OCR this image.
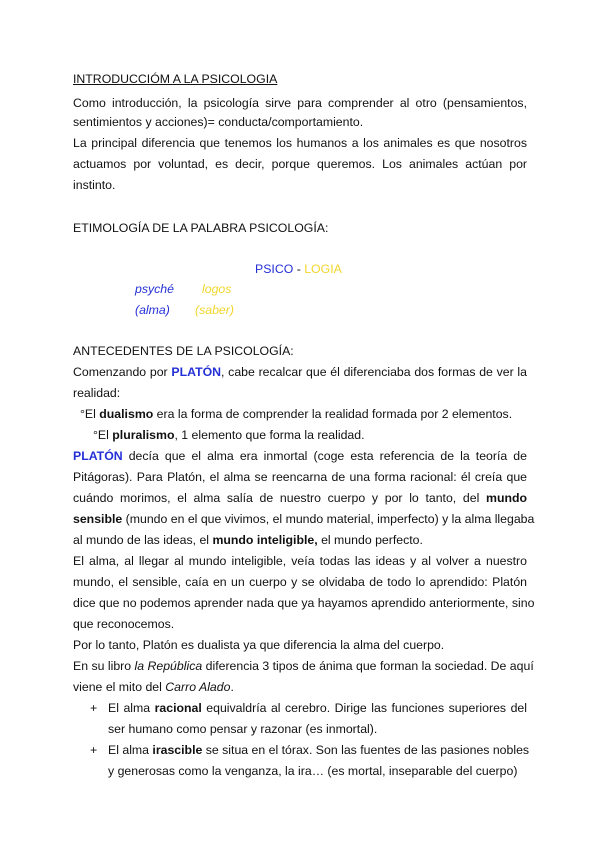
INTRODUCCIÓM A LA PSICOLOGIA
Como introducción, la psicología sirve para comprender al otro (pensamientos,
sentimientos y acciones)= conducta/comportamiento.
La principal diferencia que tenemos los humanos a los animales es que nosotros
actuamos por voluntad, es decir, porque queremos. Los animales actúan por
instinto.
ETIMOLOGÍA DE LA PALABRA PSICOLOGÍA:
PSICO - LOGIA
psyché logos
(alma) (saber)
ANTECEDENTES DE LA PSICOLOGÍA:
Comenzando por PLATÓN, cabe recalcar que él diferenciaba dos formas de ver la
realidad:
°El dualismo era la forma de comprender la realidad formada por 2 elementos.
°El pluralismo, 1 elemento que forma la realidad.
PLATÓN decía que el alma era inmortal (coge esta referencia de la teoría de
Pitágoras). Para Platón, el alma se reencarna de una forma racional: él creía que
cuándo morimos, el alma salía de nuestro cuerpo y por lo tanto, del mundo
sensible (mundo en el que vivimos, el mundo material, imperfecto) y la alma llegaba
al mundo de las ideas, el mundo inteligible, el mundo perfecto.
El alma, al llegar al mundo inteligible, veía todas las ideas y al volver a nuestro
mundo, el sensible, caía en un cuerpo y se olvidaba de todo lo aprendido: Platón
dice que no podemos aprender nada que ya hayamos aprendido anteriormente, sino
que reconocemos.
Por lo tanto, Platón es dualista ya que diferencia la alma del cuerpo.
En su libro la República diferencia 3 tipos de ánima que forman la sociedad. De aquí
viene el mito del Carro Alado.
+ El alma racional equivaldría al cerebro. Dirige las funciones superiores del
ser humano como pensar y razonar (es inmortal).
+ El alma irascible se situa en el tórax. Son las fuentes de las pasiones nobles
y generosas como la venganza, la ira… (es mortal, inseparable del cuerpo)
